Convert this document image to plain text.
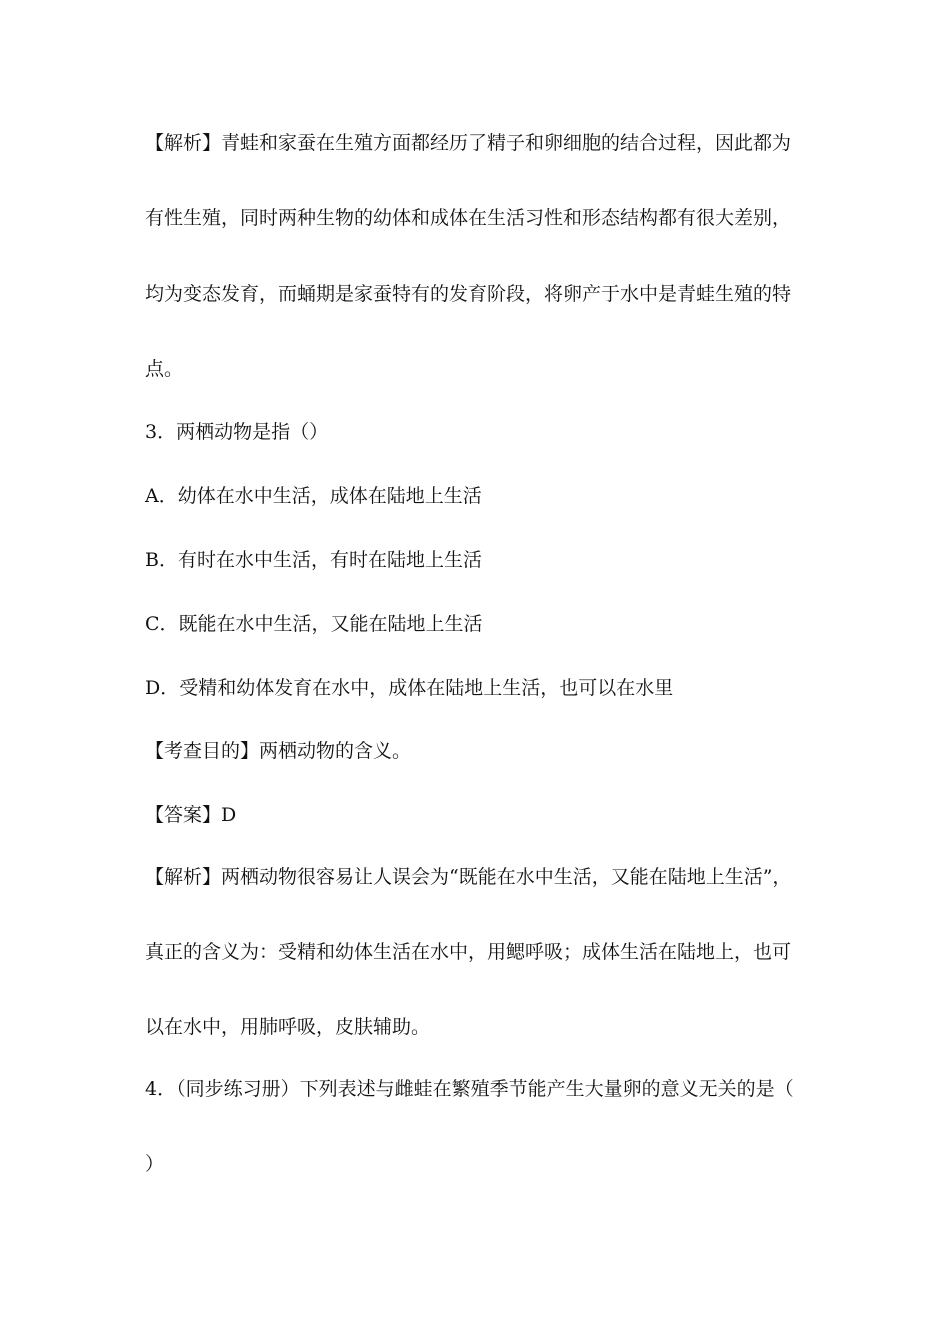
【解析】青蛙和家蚕在生殖方面都经历了精子和卵细胞的结合过程，因此都为
有性生殖，同时两种生物的幼体和成体在生活习性和形态结构都有很大差别，
均为变态发育，而蛹期是家蚕特有的发育阶段，将卵产于水中是青蛙生殖的特
点。
3．两栖动物是指（）
A．幼体在水中生活，成体在陆地上生活
B．有时在水中生活，有时在陆地上生活
C．既能在水中生活，又能在陆地上生活
D．受精和幼体发育在水中，成体在陆地上生活，也可以在水里
【考查目的】两栖动物的含义。
【答案】D
【解析】两栖动物很容易让人误会为“既能在水中生活，又能在陆地上生活”，
真正的含义为：受精和幼体生活在水中，用鳃呼吸；成体生活在陆地上，也可
以在水中，用肺呼吸，皮肤辅助。
4．（同步练习册）下列表述与雌蛙在繁殖季节能产生大量卵的意义无关的是（
）
